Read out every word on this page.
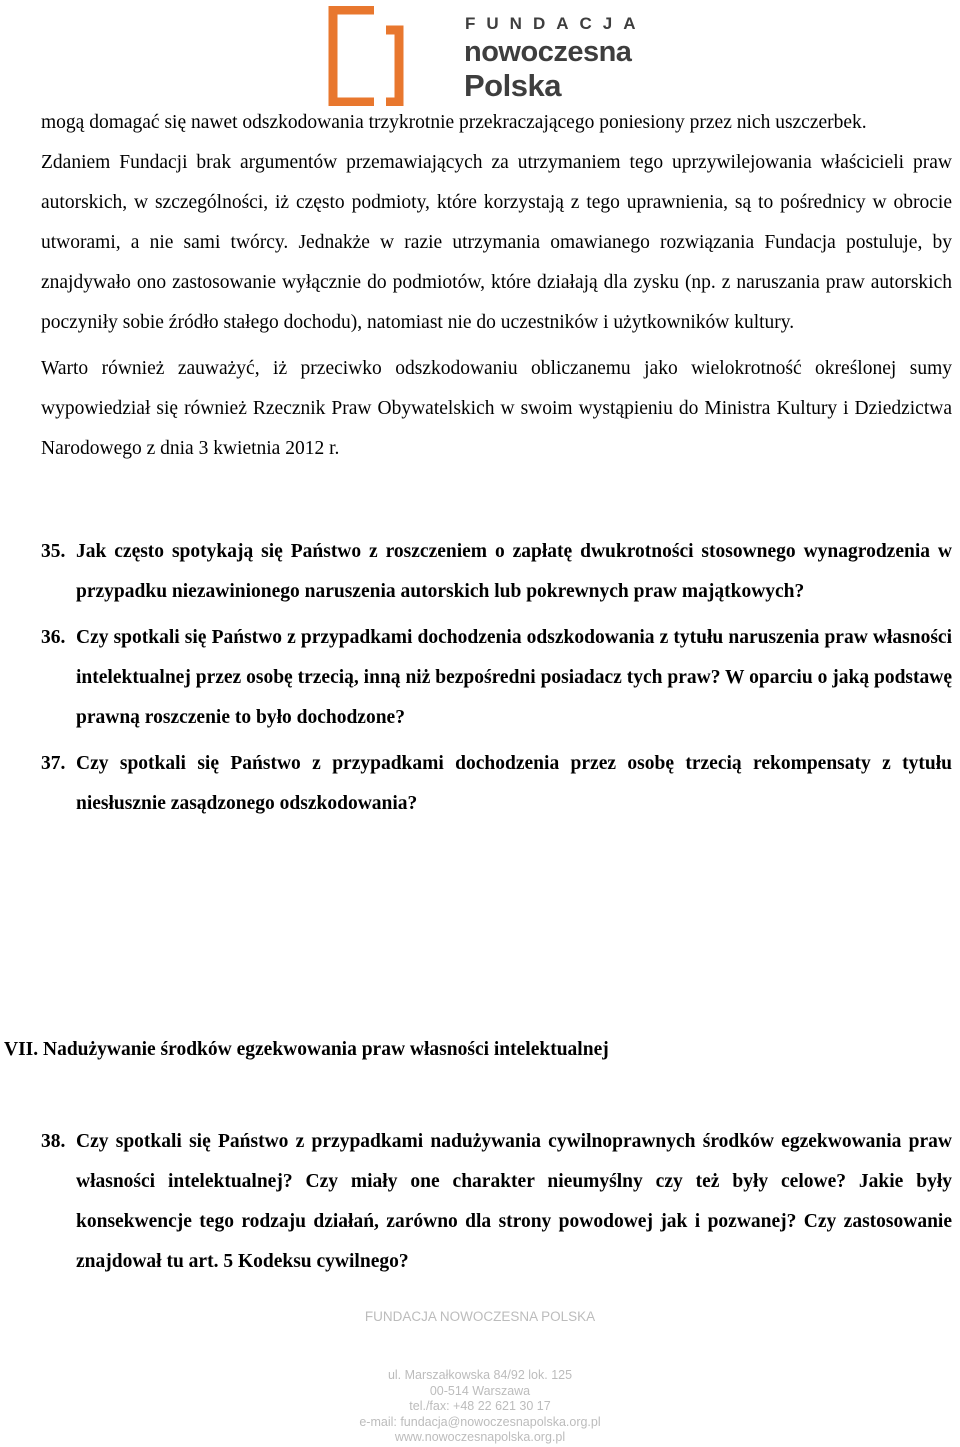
FUNDACJA
nowoczesna
Polska

mogą domagać się nawet odszkodowania trzykrotnie przekraczającego poniesiony przez nich uszczerbek.

Zdaniem Fundacji brak argumentów przemawiających za utrzymaniem tego uprzywilejowania właścicieli praw autorskich, w szczególności, iż często podmioty, które korzystają z tego uprawnienia, są to pośrednicy w obrocie utworami, a nie sami twórcy. Jednakże w razie utrzymania omawianego rozwiązania Fundacja postuluje, by znajdywało ono zastosowanie wyłącznie do podmiotów, które działają dla zysku (np. z naruszania praw autorskich poczyniły sobie źródło stałego dochodu), natomiast nie do uczestników i użytkowników kultury.

Warto również zauważyć, iż przeciwko odszkodowaniu obliczanemu jako wielokrotność określonej sumy wypowiedział się również Rzecznik Praw Obywatelskich w swoim wystąpieniu do Ministra Kultury i Dziedzictwa Narodowego z dnia 3 kwietnia 2012 r.

35. Jak często spotykają się Państwo z roszczeniem o zapłatę dwukrotności stosownego wynagrodzenia w przypadku niezawinionego naruszenia autorskich lub pokrewnych praw majątkowych?
36. Czy spotkali się Państwo z przypadkami dochodzenia odszkodowania z tytułu naruszenia praw własności intelektualnej przez osobę trzecią, inną niż bezpośredni posiadacz tych praw? W oparciu o jaką podstawę prawną roszczenie to było dochodzone?
37. Czy spotkali się Państwo z przypadkami dochodzenia przez osobę trzecią rekompensaty z tytułu niesłusznie zasądzonego odszkodowania?
VII. Nadużywanie środków egzekwowania praw własności intelektualnej
38. Czy spotkali się Państwo z przypadkami nadużywania cywilnoprawnych środków egzekwowania praw własności intelektualnej? Czy miały one charakter nieumyślny czy też były celowe? Jakie były konsekwencje tego rodzaju działań, zarówno dla strony powodowej jak i pozwanej? Czy zastosowanie znajdował tu art. 5 Kodeksu cywilnego?
FUNDACJA NOWOCZESNA POLSKA
ul. Marszałkowska 84/92 lok. 125
00-514 Warszawa
tel./fax: +48 22 621 30 17
e-mail: fundacja@nowoczesnapolska.org.pl
www.nowoczesnapolska.org.pl
